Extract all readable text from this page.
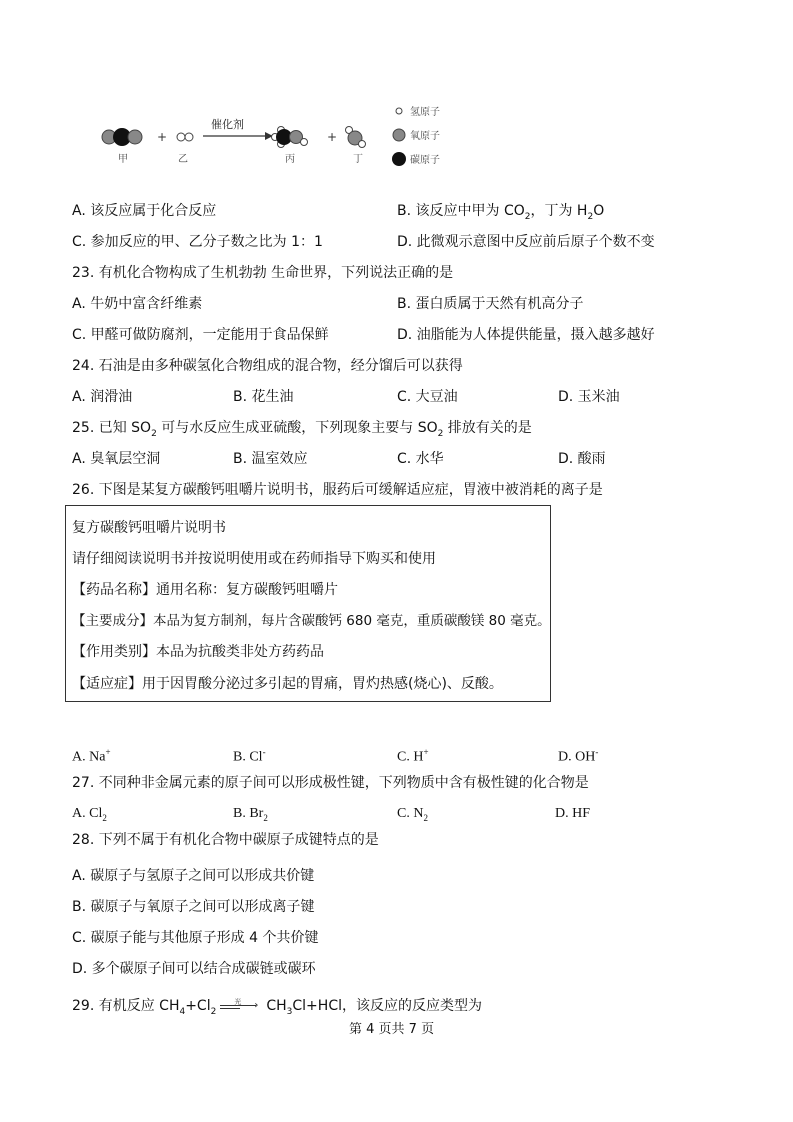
+
催化剂
+
甲	乙	丙	丁
氢原子
氧原子
碳原子
A. 该反应属于化合反应	B. 该反应中甲为 $CO_2$，丁为 $H_2O$
C. 参加反应的甲、乙分子数之比为 1：1	D. 此微观示意图中反应前后原子个数不变
23. 有机化合物构成了生机勃勃 生命世界，下列说法正确的是
A. 牛奶中富含纤维素	B. 蛋白质属于天然有机高分子
C. 甲醛可做防腐剂，一定能用于食品保鲜	D. 油脂能为人体提供能量，摄入越多越好
24. 石油是由多种碳氢化合物组成的混合物，经分馏后可以获得
A. 润滑油	B. 花生油	C. 大豆油	D. 玉米油
25. 已知 $SO_2$ 可与水反应生成亚硫酸，下列现象主要与 $SO_2$ 排放有关的是
A. 臭氧层空洞	B. 温室效应	C. 水华	D. 酸雨
26. 下图是某复方碳酸钙咀嚼片说明书，服药后可缓解适应症，胃液中被消耗的离子是
复方碳酸钙咀嚼片说明书
请仔细阅读说明书并按说明使用或在药师指导下购买和使用
【药品名称】通用名称：复方碳酸钙咀嚼片
【主要成分】本品为复方制剂，每片含碳酸钙 680 毫克，重质碳酸镁 80 毫克。
【作用类别】本品为抗酸类非处方药药品
【适应症】用于因胃酸分泌过多引起的胃痛，胃灼热感(烧心)、反酸。
A. Na+	B. Cl-	C. H+	D. OH-
27. 不同种非金属元素的原子间可以形成极性键，下列物质中含有极性键的化合物是
A. $Cl_2$	B. $Br_2$	C. $N_2$	D. HF
28. 下列不属于有机化合物中碳原子成键特点的是
A. 碳原子与氢原子之间可以形成共价键
B. 碳原子与氧原子之间可以形成离子键
C. 碳原子能与其他原子形成 4 个共价键
D. 多个碳原子间可以结合成碳链或碳环
29. 有机反应 $CH_4+Cl_2$
光 › $CH_3Cl+HCl$，该反应的反应类型为
第 4 页共 7 页
